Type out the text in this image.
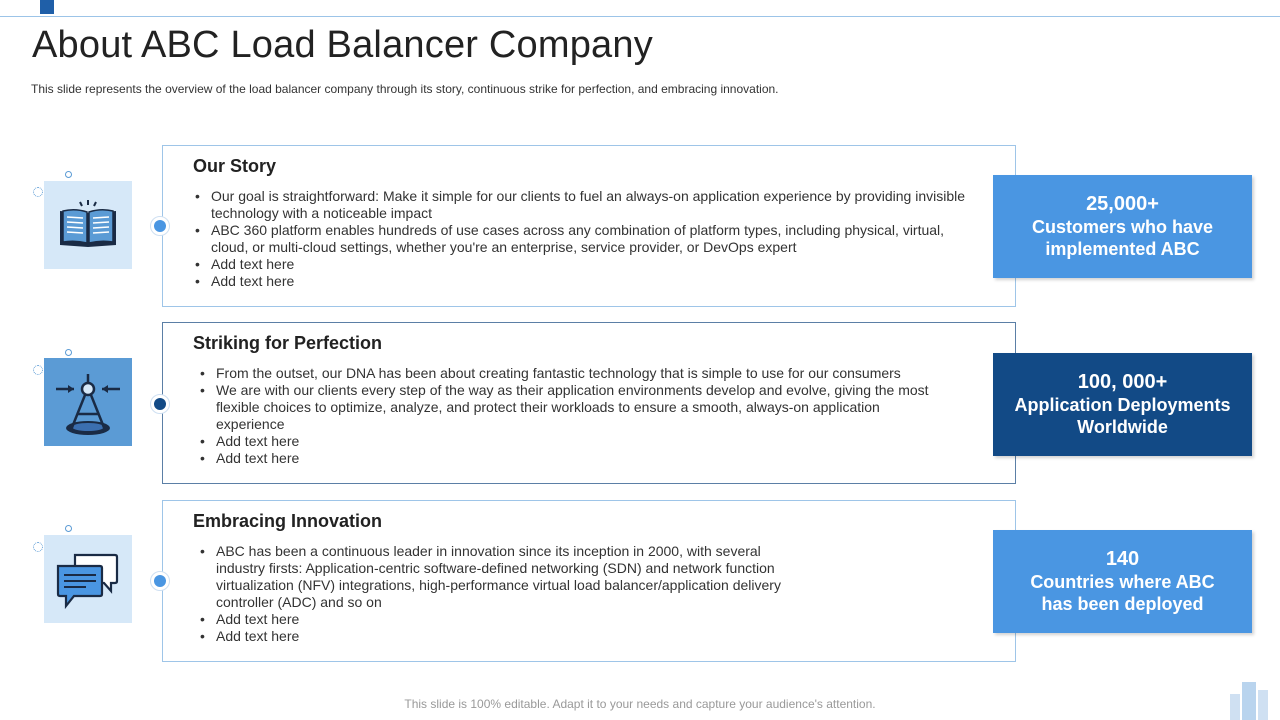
About ABC Load Balancer Company
This slide represents the overview of the load balancer company through its story, continuous strike for perfection, and embracing innovation.
Our Story
• Our goal is straightforward: Make it simple for our clients to fuel an always-on application experience by providing invisible technology with a noticeable impact
• ABC 360 platform enables hundreds of use cases across any combination of platform types, including physical, virtual, cloud, or multi-cloud settings, whether you're an enterprise, service provider, or DevOps expert
• Add text here
• Add text here
25,000+
Customers who have implemented ABC
Striking for Perfection
• From the outset, our DNA has been about creating fantastic technology that is simple to use for our consumers
• We are with our clients every step of the way as their application environments develop and evolve, giving the most flexible choices to optimize, analyze, and protect their workloads to ensure a smooth, always-on application experience
• Add text here
• Add text here
100, 000+
Application Deployments Worldwide
Embracing Innovation
• ABC has been a continuous leader in innovation since its inception in 2000, with several industry firsts: Application-centric software-defined networking (SDN) and network function virtualization (NFV) integrations, high-performance virtual load balancer/application delivery controller (ADC) and so on
• Add text here
• Add text here
140
Countries where ABC has been deployed
This slide is 100% editable. Adapt it to your needs and capture your audience's attention.
